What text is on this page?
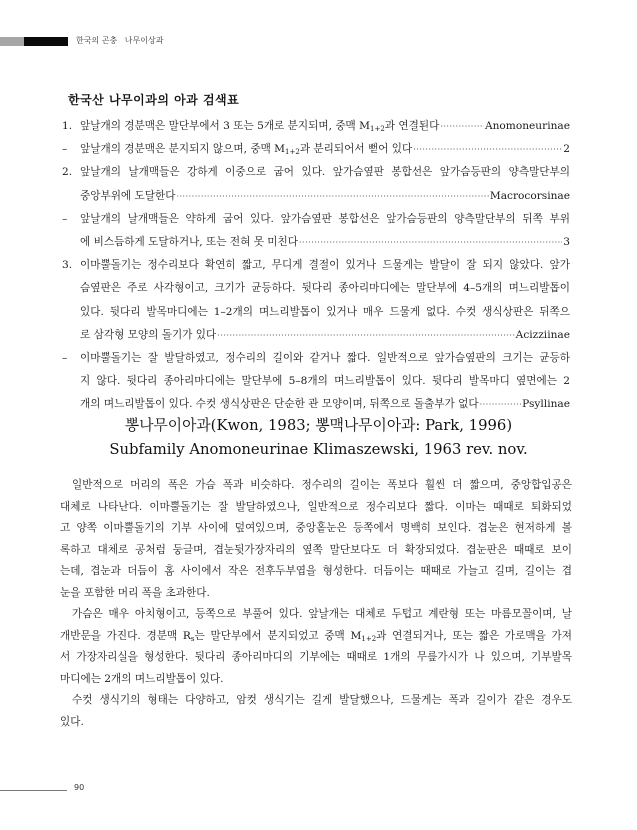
한국의 곤충   나무이상과
한국산 나무이과의 아과 검색표
1. 앞날개의 경분맥은 말단부에서 3 또는 5개로 분지되며, 중맥 $M_{1+2}$과 연결된다 ·····	Anomoneurinae
–	앞날개의 경분맥은 분지되지 않으며, 중맥 $M_{1+2}$과 분리되어서 뻗어 있다 ·····	2
2. 앞날개의 날개맥들은 강하게 이중으로 굽어 있다. 앞가슴옆판 봉합선은 앞가슴등판의 양측말단부의
중앙부위에 도달한다 ·····	Macrocorsinae
–	앞날개의 날개맥들은 약하게 굽어 있다. 앞가슴옆판 봉합선은 앞가슴등판의 양측말단부의 뒤쪽 부위
에 비스듬하게 도달하거나, 또는 전혀 못 미친다 ·····	3
3. 이마뿔돌기는 정수리보다 확연히 짧고, 무디게 결절이 있거나 드물게는 발달이 잘 되지 않았다. 앞가
슴옆판은 주로 사각형이고, 크기가 균등하다. 뒷다리 종아리마디에는 말단부에 4–5개의 며느리발톱이
있다. 뒷다리 발목마디에는 1–2개의 며느리발톱이 있거나 매우 드물게 없다. 수컷 생식상판은 뒤쪽으
로 삼각형 모양의 돌기가 있다 ·····	Acizziinae
–	이마뿔돌기는 잘 발달하였고, 정수리의 길이와 같거나 짧다. 일반적으로 앞가슴옆판의 크기는 균등하
지 않다. 뒷다리 종아리마디에는 말단부에 5–8개의 며느리발톱이 있다. 뒷다리 발목마디 옆면에는 2
개의 며느리발톱이 있다. 수컷 생식상판은 단순한 관 모양이며, 뒤쪽으로 돌출부가 없다 ·····	Psyllinae
뽕나무이아과(Kwon, 1983; 뽕맥나무이아과: Park, 1996)
Subfamily Anomoneurinae Klimaszewski, 1963 rev. nov.
일반적으로 머리의 폭은 가슴 폭과 비슷하다. 정수리의 길이는 폭보다 훨씬 더 짧으며, 중앙합입공은
대체로 나타난다. 이마뿔돌기는 잘 발달하였으나, 일반적으로 정수리보다 짧다. 이마는 때때로 퇴화되었
고 양쪽 이마뿔돌기의 기부 사이에 덮여있으며, 중앙홑눈은 등쪽에서 명백히 보인다. 겹눈은 현저하게 볼
록하고 대체로 공처럼 둥글며, 겹눈뒷가장자리의 옆쪽 말단보다도 더 확장되었다. 겹눈판은 때때로 보이
는데, 겹눈과 더듬이 홈 사이에서 작은 전후두부엽을 형성한다. 더듬이는 때때로 가늘고 길며, 길이는 겹
눈을 포함한 머리 폭을 초과한다.
가슴은 매우 아치형이고, 등쪽으로 부풀어 있다. 앞날개는 대체로 두텁고 계란형 또는 마름모꼴이며, 날
개반문을 가진다. 경분맥 $R_s$는 말단부에서 분지되었고 중맥 $M_{1+2}$과 연결되거나, 또는 짧은 가로맥을 가져
서 가장자리실을 형성한다. 뒷다리 종아리마디의 기부에는 때때로 1개의 무릎가시가 나 있으며, 기부발목
마디에는 2개의 며느리발톱이 있다.
수컷 생식기의 형태는 다양하고, 암컷 생식기는 길게 발달했으나, 드물게는 폭과 길이가 같은 경우도
있다.
90
